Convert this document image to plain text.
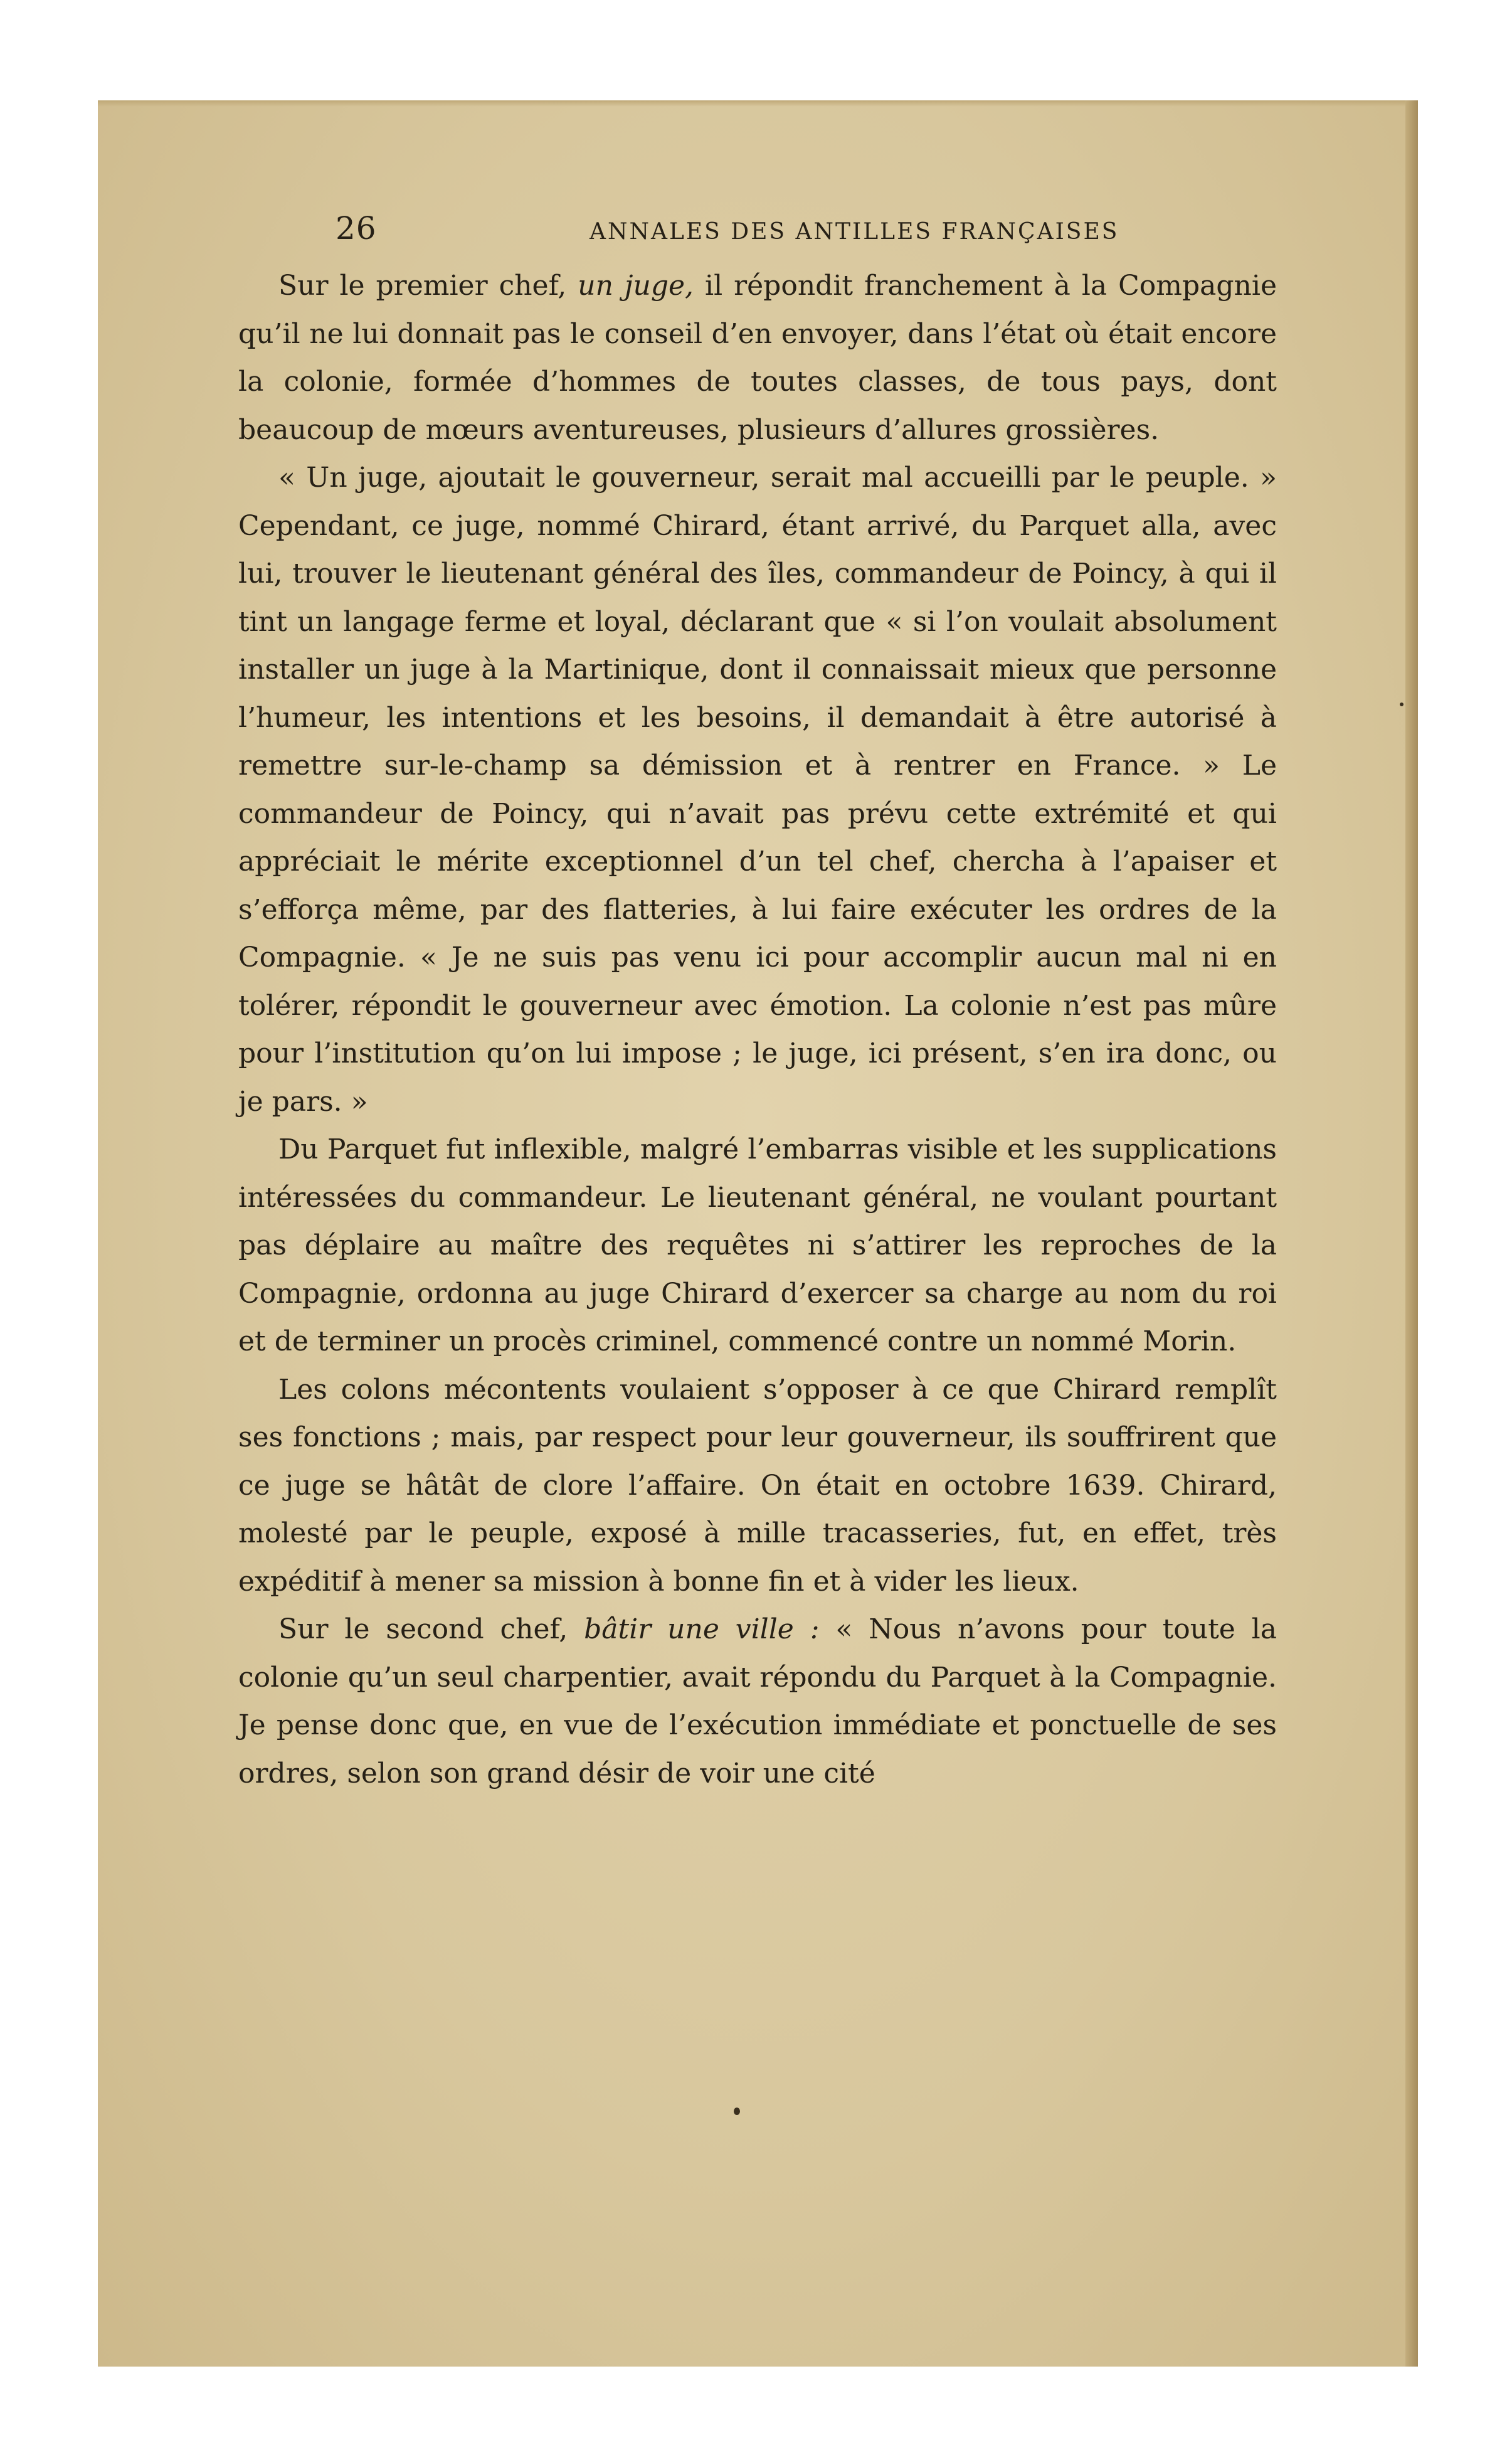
26	ANNALES DES ANTILLES FRANÇAISES

Sur le premier chef, un juge, il répondit franchement à la Compagnie qu’il ne lui donnait pas le conseil d’en envoyer, dans l’état où était encore la colonie, formée d’hommes de toutes classes, de tous pays, dont beaucoup de mœurs aventureuses, plusieurs d’allures grossières.

« Un juge, ajoutait le gouverneur, serait mal accueilli par le peuple. » Cependant, ce juge, nommé Chirard, étant arrivé, du Parquet alla, avec lui, trouver le lieutenant général des îles, commandeur de Poincy, à qui il tint un langage ferme et loyal, déclarant que « si l’on voulait absolument installer un juge à la Martinique, dont il connaissait mieux que personne l’humeur, les intentions et les besoins, il demandait à être autorisé à remettre sur-le-champ sa démission et à rentrer en France. » Le commandeur de Poincy, qui n’avait pas prévu cette extrémité et qui appréciait le mérite exceptionnel d’un tel chef, chercha à l’apaiser et s’efforça même, par des flatteries, à lui faire exécuter les ordres de la Compagnie. « Je ne suis pas venu ici pour accomplir aucun mal ni en tolérer, répondit le gouverneur avec émotion. La colonie n’est pas mûre pour l’institution qu’on lui impose ; le juge, ici présent, s’en ira donc, ou je pars. »

Du Parquet fut inflexible, malgré l’embarras visible et les supplications intéressées du commandeur. Le lieutenant général, ne voulant pourtant pas déplaire au maître des requêtes ni s’attirer les reproches de la Compagnie, ordonna au juge Chirard d’exercer sa charge au nom du roi et de terminer un procès criminel, commencé contre un nommé Morin.

Les colons mécontents voulaient s’opposer à ce que Chirard remplît ses fonctions ; mais, par respect pour leur gouverneur, ils souffrirent que ce juge se hâtât de clore l’affaire. On était en octobre 1639. Chirard, molesté par le peuple, exposé à mille tracasseries, fut, en effet, très expéditif à mener sa mission à bonne fin et à vider les lieux.

Sur le second chef, bâtir une ville : « Nous n’avons pour toute la colonie qu’un seul charpentier, avait répondu du Parquet à la Compagnie. Je pense donc que, en vue de l’exécution immédiate et ponctuelle de ses ordres, selon son grand désir de voir une cité
